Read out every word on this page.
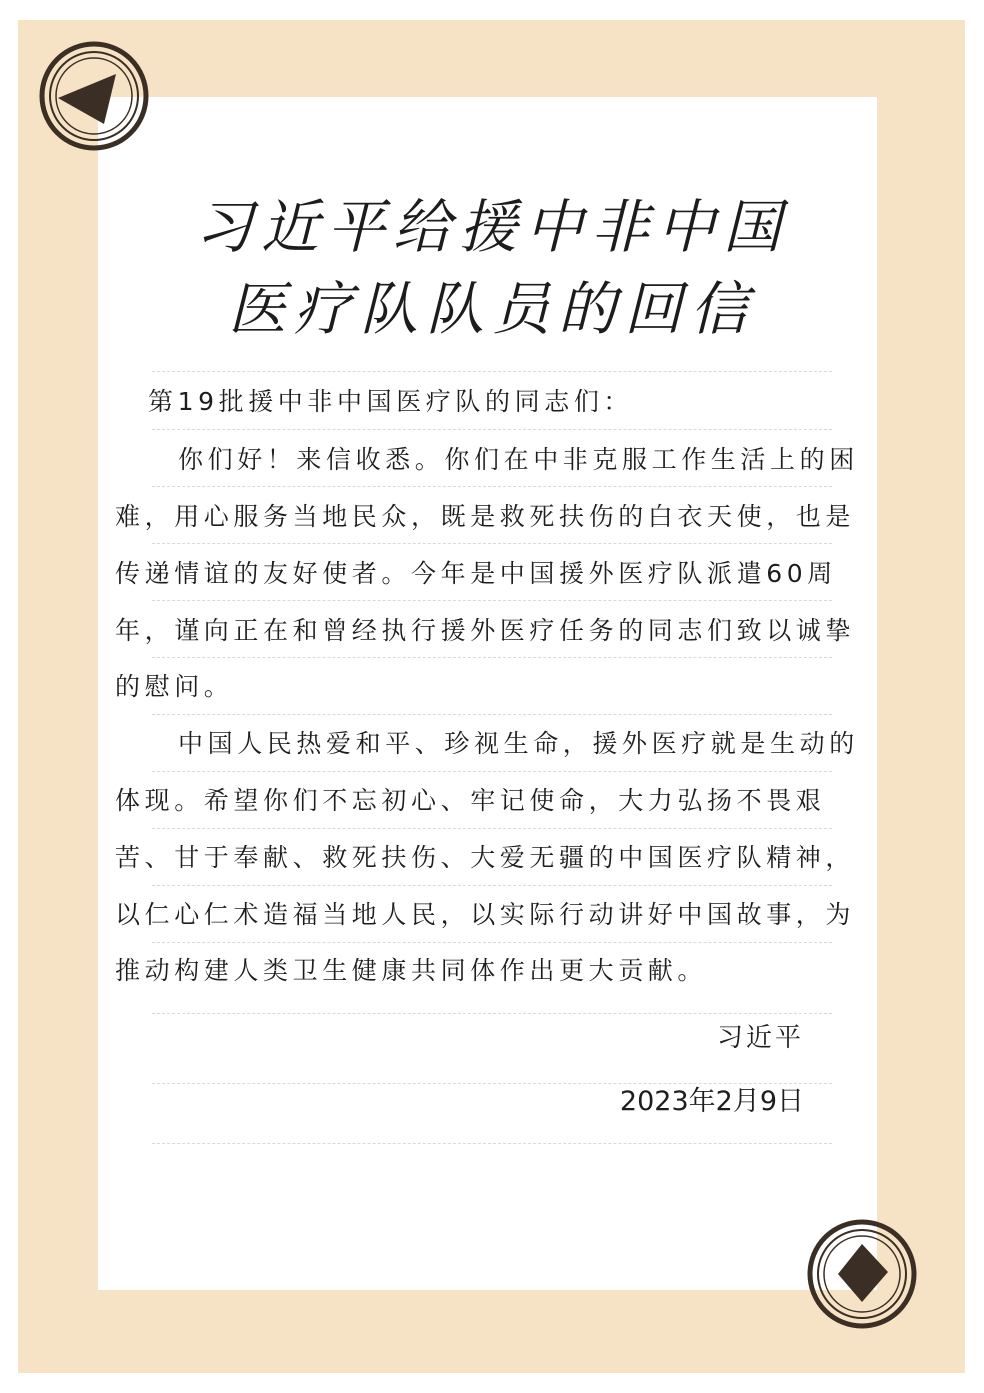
习近平给援中非中国
医疗队队员的回信
第19批援中非中国医疗队的同志们：
你们好！来信收悉。你们在中非克服工作生活上的困
难，用心服务当地民众，既是救死扶伤的白衣天使，也是
传递情谊的友好使者。今年是中国援外医疗队派遣60周
年，谨向正在和曾经执行援外医疗任务的同志们致以诚挚
的慰问。
中国人民热爱和平、珍视生命，援外医疗就是生动的
体现。希望你们不忘初心、牢记使命，大力弘扬不畏艰
苦、甘于奉献、救死扶伤、大爱无疆的中国医疗队精神，
以仁心仁术造福当地人民，以实际行动讲好中国故事，为
推动构建人类卫生健康共同体作出更大贡献。
习近平
2023年2月9日
